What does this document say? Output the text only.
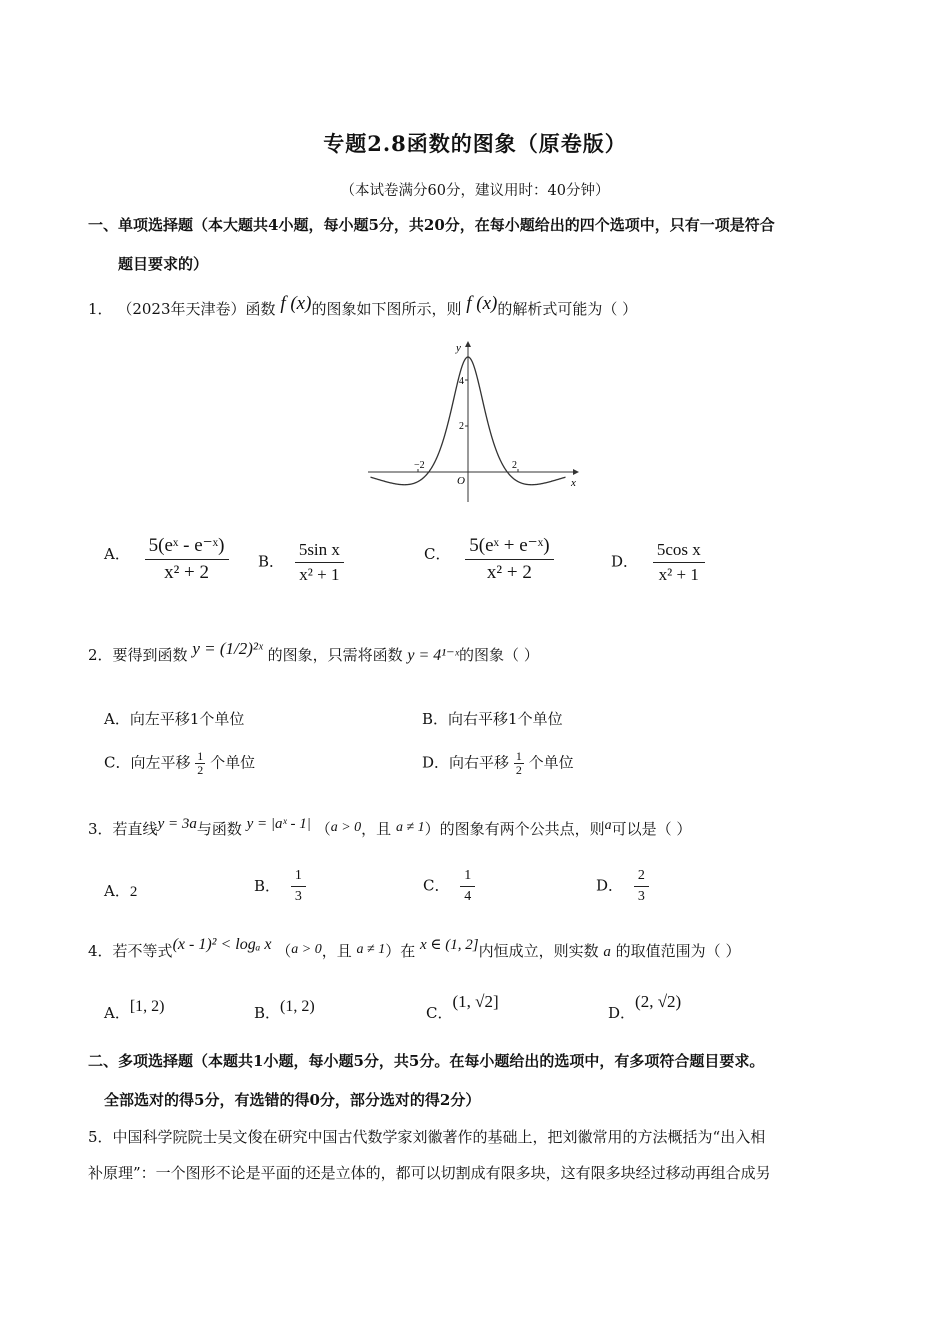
专题2.8函数的图象（原卷版）
（本试卷满分60分，建议用时：40分钟）
一、单项选择题（本大题共4小题，每小题5分，共20分，在每小题给出的四个选项中，只有一项是符合
题目要求的）
1． （2023年天津卷）函数 f (x)的图象如下图所示，则 f (x)的解析式可能为（ ）
y
x
O
4
2
−2	2
A． $\frac{\text{5(eˣ - e⁻ˣ)}}{\text{x² + 2}}$ B． $\frac{\text{5sin x}}{\text{x² + 1}}$	C． $\frac{\text{5(eˣ + e⁻ˣ)}}{\text{x² + 2}}$	D． $\frac{\text{5cos x}}{\text{x² + 1}}$
2．要得到函数 y = (1/2)²ˣ 的图象，只需将函数 y = 4¹⁻ˣ的图象（ ）
A．向左平移1个单位	B．向右平移1个单位
C．向左平移 $\frac{1}{2}$ 个单位	D．向右平移 $\frac{1}{2}$ 个单位
3．若直线y = 3a与函数 y = |aˣ - 1| （a > 0，且 a ≠ 1）的图象有两个公共点，则a可以是（ ）
A．2	B． $\frac{1}{3}$	C． $\frac{1}{4}$	D． $\frac{2}{3}$
4．若不等式(x - 1)² < logₐ x （a > 0，且 a ≠ 1）在 x ∈ (1, 2]内恒成立，则实数 a 的取值范围为（ ）
A．[1, 2)	B．(1, 2)	C．(1, √2]
D．(2, √2)
二、多项选择题（本题共1小题，每小题5分，共5分。在每小题给出的选项中，有多项符合题目要求。
全部选对的得5分，有选错的得0分，部分选对的得2分）
5．中国科学院院士吴文俊在研究中国古代数学家刘徽著作的基础上，把刘徽常用的方法概括为“出入相
补原理”：一个图形不论是平面的还是立体的，都可以切割成有限多块，这有限多块经过移动再组合成另
